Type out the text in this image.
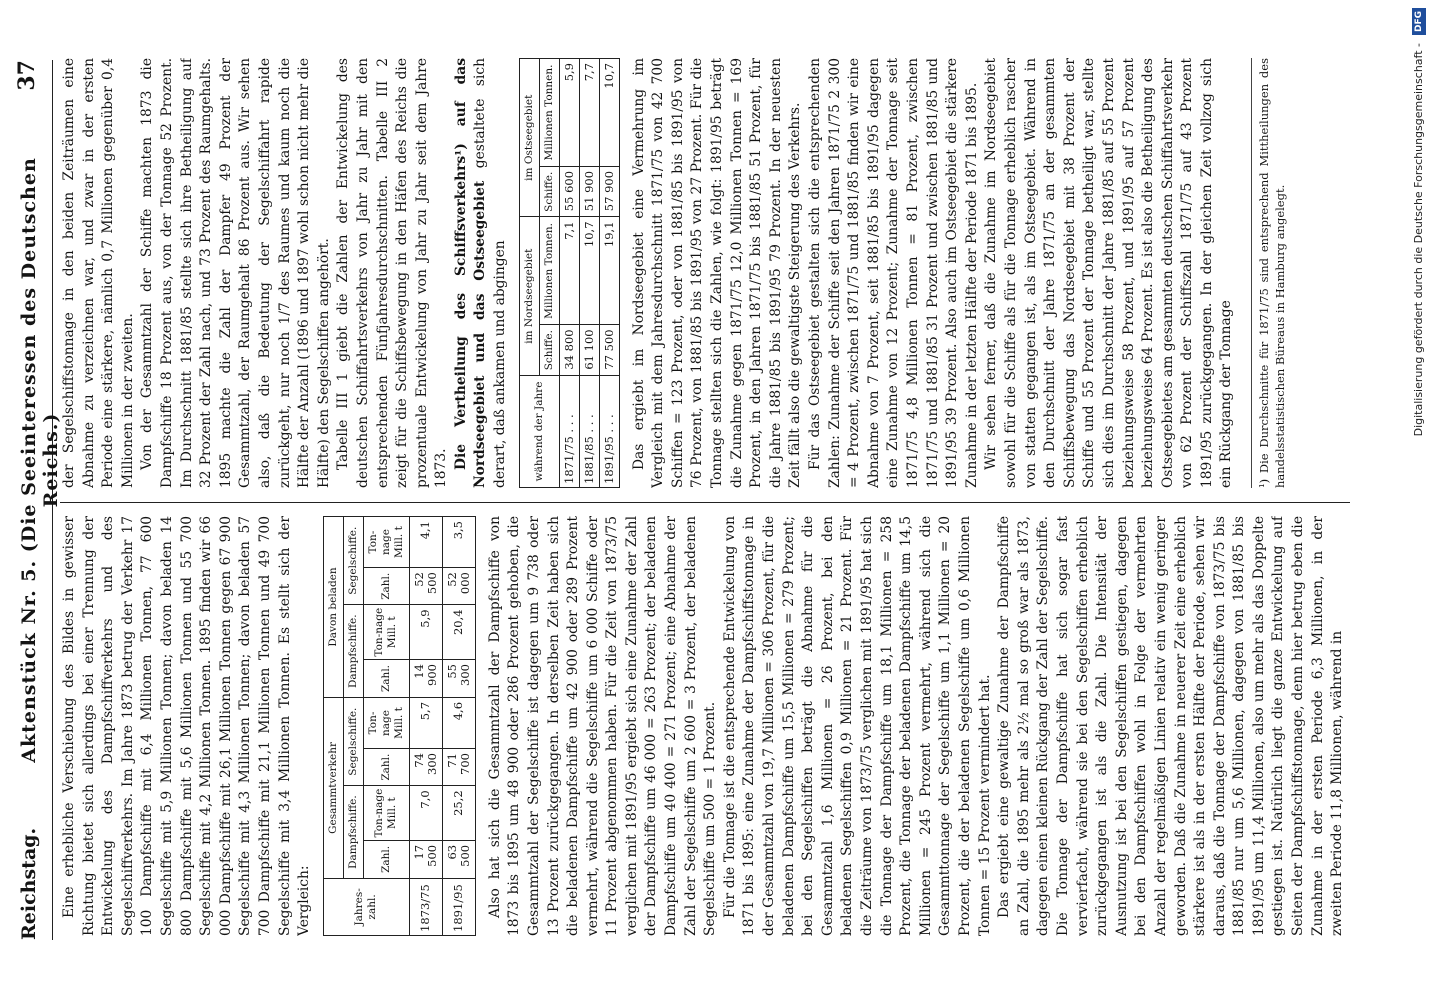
Reichstag.
Aktenstück Nr. 5. (Die Seeinteressen des Deutschen Reichs.)
37

Eine erhebliche Verschiebung des Bildes in gewisser Richtung bietet sich allerdings bei einer Trennung der Entwickelung des Dampfschiffverkehrs und des Segelschiffverkehrs. Im Jahre 1873 betrug der Verkehr 17 100 Dampfschiffe mit 6,4 Millionen Tonnen, 77 600 Segelschiffe mit 5,9 Millionen Tonnen; davon beladen 14 800 Dampfschiffe mit 5,6 Millionen Tonnen und 55 700 Segelschiffe mit 4,2 Millionen Tonnen. 1895 finden wir 66 000 Dampfschiffe mit 26,1 Millionen Tonnen gegen 67 900 Segelschiffe mit 4,3 Millionen Tonnen; davon beladen 57 700 Dampfschiffe mit 21,1 Millionen Tonnen und 49 700 Segelschiffe mit 3,4 Millionen Tonnen. Es stellt sich der Vergleich:	Jahres-zahl.	Gesammtverkehr				Davon beladen			
	Dampfschiffe.		Segelschiffe.		Dampfschiffe.		Segelschiffe.	
	Zahl.	Ton-nage Mill. t	Zahl.	Ton-nage Mill. t	Zahl.	Ton-nage Mill. t	Zahl.	Ton-nage Mill. t
1873/75	17 500	7,0	74 300	5,7	14 900	5,9	52 500	4,1
1891/95	63 500	25,2	71 700	4,6	55 300	20,4	52 000	3,5 Also hat sich die Gesammtzahl der Dampfschiffe von 1873 bis 1895 um 48 900 oder 286 Prozent gehoben, die Gesammtzahl der Segelschiffe ist dagegen um 9 738 oder 13 Prozent zurückgegangen. In derselben Zeit haben sich die beladenen Dampfschiffe um 42 900 oder 289 Prozent vermehrt, während die Segelschiffe um 6 000 Schiffe oder 11 Prozent abgenommen haben. Für die Zeit von 1873/75 verglichen mit 1891/95 ergiebt sich eine Zunahme der Zahl der Dampfschiffe um 46 000 = 263 Prozent; der beladenen Dampfschiffe um 40 400 = 271 Prozent; eine Abnahme der Zahl der Segelschiffe um 2 600 = 3 Prozent, der beladenen Segelschiffe um 500 = 1 Prozent. Für die Tonnage ist die entsprechende Entwickelung von 1871 bis 1895: eine Zunahme der Dampfschiffstonnage in der Gesammtzahl von 19,7 Millionen = 306 Prozent, für die beladenen Dampfschiffe um 15,5 Millionen = 279 Prozent; bei den Segelschiffen beträgt die Abnahme für die Gesammtzahl 1,6 Millionen = 26 Prozent, bei den beladenen Segelschiffen 0,9 Millionen = 21 Prozent. Für die Zeiträume von 1873/75 verglichen mit 1891/95 hat sich die Tonnage der Dampfschiffe um 18,1 Millionen = 258 Prozent, die Tonnage der beladenen Dampfschiffe um 14,5 Millionen = 245 Prozent vermehrt, während sich die Gesammttonnage der Segelschiffe um 1,1 Millionen = 20 Prozent, die der beladenen Segelschiffe um 0,6 Millionen Tonnen = 15 Prozent vermindert hat. Das ergiebt eine gewaltige Zunahme der Dampfschiffe an Zahl, die 1895 mehr als 2½ mal so groß war als 1873, dagegen einen kleinen Rückgang der Zahl der Segelschiffe. Die Tonnage der Dampfschiffe hat sich sogar fast vervierfacht, während sie bei den Segelschiffen erheblich zurückgegangen ist als die Zahl. Die Intensität der Ausnutzung ist bei den Segelschiffen gestiegen, dagegen bei den Dampfschiffen wohl in Folge der vermehrten Anzahl der regelmäßigen Linien relativ ein wenig geringer geworden. Daß die Zunahme in neuerer Zeit eine erheblich stärkere ist als in der ersten Hälfte der Periode, sehen wir daraus, daß die Tonnage der Dampfschiffe von 1873/75 bis 1881/85 nur um 5,6 Millionen, dagegen von 1881/85 bis 1891/95 um 11,4 Millionen, also um mehr als das Doppelte gestiegen ist. Natürlich liegt die ganze Entwickelung auf Seiten der Dampfschiffstonnage, denn hier betrug eben die Zunahme in der ersten Periode 6,3 Millionen, in der zweiten Periode 11,8 Millionen, während in

der Segelschiffstonnage in den beiden Zeiträumen eine Abnahme zu verzeichnen war, und zwar in der ersten Periode eine stärkere, nämlich 0,7 Millionen gegenüber 0,4 Millionen in der zweiten. Von der Gesammtzahl der Schiffe machten 1873 die Dampfschiffe 18 Prozent aus, von der Tonnage 52 Prozent. Im Durchschnitt 1881/85 stellte sich ihre Betheiligung auf 32 Prozent der Zahl nach, und 73 Prozent des Raumgehalts. 1895 machte die Zahl der Dampfer 49 Prozent der Gesammtzahl, der Raumgehalt 86 Prozent aus. Wir sehen also, daß die Bedeutung der Segelschiffahrt rapide zurückgeht, nur noch 1/7 des Raumes und kaum noch die Hälfte der Anzahl (1896 und 1897 wohl schon nicht mehr die Hälfte) den Segelschiffen angehört. Tabelle III 1 giebt die Zahlen der Entwickelung des deutschen Schiffahrtsverkehrs von Jahr zu Jahr mit den entsprechenden Fünfjahresdurchschnitten. Tabelle III 2 zeigt für die Schiffsbewegung in den Häfen des Reichs die prozentuale Entwickelung von Jahr zu Jahr seit dem Jahre 1873. Die Vertheilung des Schiffsverkehrs¹) auf das Nordseegebiet und das Ostseegebiet gestaltete sich derart, daß ankamen und abgingen während der Jahre	im Nordseegebiet		im Ostseegebiet	
	Schiffe.	Millionen Tonnen.	Schiffe.	Millionen Tonnen.
1871/75 . . .	34 800	7,1	55 600	5,9
1881/85 . . .	61 100	10,7	51 900	7,7
1891/95 . . .	77 500	19,1	57 900	10,7 Das ergiebt im Nordseegebiet eine Vermehrung im Vergleich mit dem Jahresdurchschnitt 1871/75 von 42 700 Schiffen = 123 Prozent, oder von 1881/85 bis 1891/95 von 76 Prozent, von 1881/85 bis 1891/95 von 27 Prozent. Für die Tonnage stellten sich die Zahlen, wie folgt: 1891/95 beträgt die Zunahme gegen 1871/75 12,0 Millionen Tonnen = 169 Prozent, in den Jahren 1871/75 bis 1881/85 51 Prozent, für die Jahre 1881/85 bis 1891/95 79 Prozent. In der neuesten Zeit fällt also die gewaltigste Steigerung des Verkehrs. Für das Ostseegebiet gestalten sich die entsprechenden Zahlen: Zunahme der Schiffe seit den Jahren 1871/75 2 300 = 4 Prozent, zwischen 1871/75 und 1881/85 finden wir eine Abnahme von 7 Prozent, seit 1881/85 bis 1891/95 dagegen eine Zunahme von 12 Prozent; Zunahme der Tonnage seit 1871/75 4,8 Millionen Tonnen = 81 Prozent, zwischen 1871/75 und 1881/85 31 Prozent und zwischen 1881/85 und 1891/95 39 Prozent. Also auch im Ostseegebiet die stärkere Zunahme in der letzten Hälfte der Periode 1871 bis 1895. Wir sehen ferner, daß die Zunahme im Nordseegebiet sowohl für die Schiffe als für die Tonnage erheblich rascher von statten gegangen ist, als im Ostseegebiet. Während in den Durchschnitt der Jahre 1871/75 an der gesammten Schiffsbewegung das Nordseegebiet mit 38 Prozent der Schiffe und 55 Prozent der Tonnage betheiligt war, stellte sich dies im Durchschnitt der Jahre 1881/85 auf 55 Prozent beziehungsweise 58 Prozent, und 1891/95 auf 57 Prozent beziehungsweise 64 Prozent. Es ist also die Betheiligung des Ostseegebietes am gesammten deutschen Schiffahrtsverkehr von 62 Prozent der Schiffszahl 1871/75 auf 43 Prozent 1891/95 zurückgegangen. In der gleichen Zeit vollzog sich ein Rückgang der Tonnage	¹) Die Durchschnitte für 1871/75 sind entsprechend Mittheilungen des handelsstatistischen Büreaus in Hamburg angelegt.	Digitalisierung gefördert durch die Deutsche Forschungsgemeinschaft -DFG
